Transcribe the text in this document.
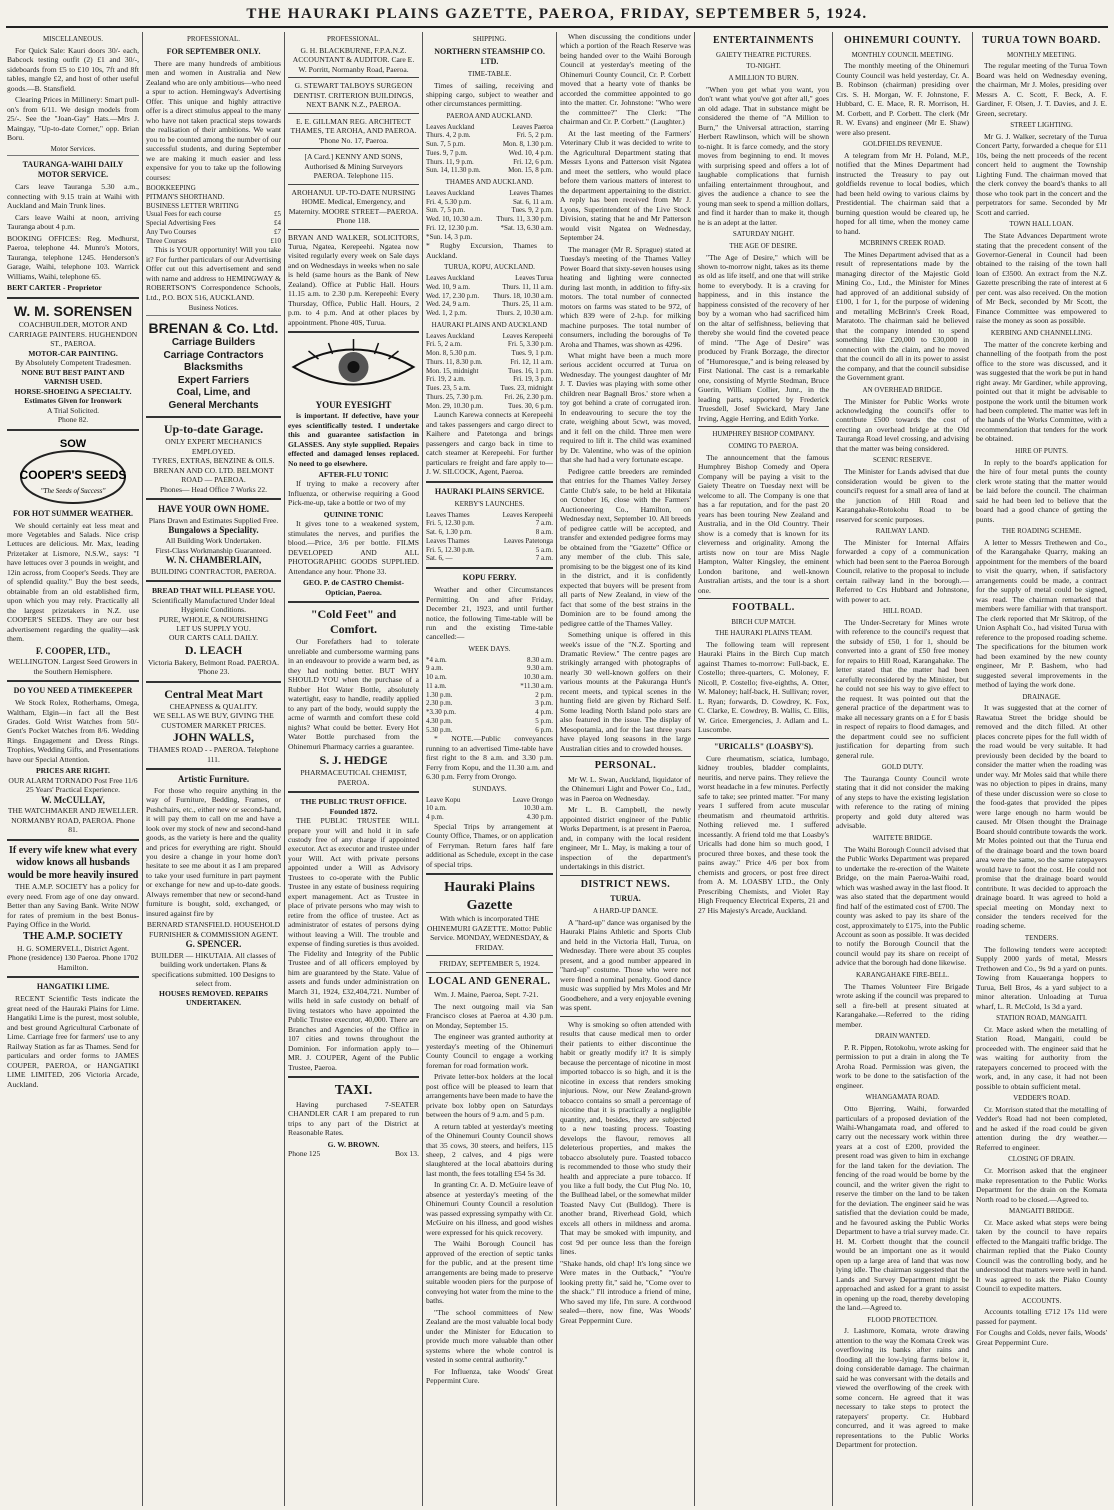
THE HAURAKI PLAINS GAZETTE, PAEROA, FRIDAY, SEPTEMBER 5, 1924.
MISCELLANEOUS.

For Quick Sale: Kauri doors 30/- each, Babcock testing outfit (2) £1 and 30/-, sideboards from £5 to £10 10s, 7ft and 8ft tables, mangle £2, and host of other useful goods.—B. Stansfield.

Clearing Prices in Millinery: Smart pull-on's from 6/11. We design models from 25/-. See the "Joan-Gay" Hats.—Mrs J. Maingay, "Up-to-date Corner," opp. Brian Boru.

Motor Services.
TAURANGA-WAIHI DAILY MOTOR SERVICE.

Cars leave Tauranga 5.30 a.m., connecting with 9.15 train at Waihi with Auckland and Main Trunk lines.

Cars leave Waihi at noon, arriving Tauranga about 4 p.m.

BOOKING OFFICES: Reg. Medhurst, Paeroa, telephone 44. Munro's Motors, Tauranga, telephone 1245. Henderson's Garage, Waihi, telephone 103. Warrick Williams, Waihi, telephone 65.

BERT CARTER - Proprietor

W. M. SORENSEN
COACHBUILDER, MOTOR AND CARRIAGE PAINTERS. HUGHENDON ST., PAEROA.
MOTOR-CAR PAINTING.
By Absolutely Competent Tradesmen.
NONE BUT BEST PAINT AND VARNISH USED.
HORSE-SHOEING A SPECIALTY.
Estimates Given for Ironwork
A Trial Solicited.
Phone 82.
SOW
COOPER'S SEEDS
"The Seeds of Success"
FOR HOT SUMMER WEATHER.

We should certainly eat less meat and more Vegetables and Salads. Nice crisp Lettuces are delicious. Mr. Max, leading Prizetaker at Lismore, N.S.W., says: "I have lettuces over 3 pounds in weight, and 12in across, from Cooper's Seeds. They are of splendid quality." Buy the best seeds, obtainable from an old established firm, upon which you may rely. Practically all the largest prizetakers in N.Z. use COOPER'S SEEDS. They are our best advertisement regarding the quality—ask them.

F. COOPER, LTD.,
WELLINGTON. Largest Seed Growers in the Southern Hemisphere.
DO YOU NEED A TIMEKEEPER

We Stock Rolex, Rotherhams, Omega, Waltham, Elgin—in fact all the Best Grades. Gold Wrist Watches from 50/- Gent's Pocket Watches from 8/6. Wedding Rings. Engagement and Dress Rings. Trophies, Wedding Gifts, and Presentations have our Special Attention.

PRICES ARE RIGHT.
OUR ALARM TORNADO Post Free 11/6
25 Years' Practical Experience.
W. McCULLAY,
THE WATCHMAKER AND JEWELLER. NORMANBY ROAD, PAEROA. Phone 81.
If every wife knew what every widow knows all husbands would be more heavily insured

THE A.M.P. SOCIETY has a policy for every need. From age of one day onward. Better than any Saving Bank. Write NOW for rates of premium in the best Bonus-Paying Office in the World.

THE A.M.P. SOCIETY
H. G. SOMERVELL, District Agent. Phone (residence) 130 Paeroa. Phone 1702 Hamilton.
HANGATIKI LIME.

RECENT Scientific Tests indicate the great need of the Hauraki Plains for Lime. Hangatiki Lime is the purest, most soluble, and best ground Agricultural Carbonate of Lime. Carriage free for farmers' use to any Railway Station as far as Thames. Send for particulars and order forms to JAMES COUPER, PAEROA, or HANGATIKI LIME LIMITED, 206 Victoria Arcade, Auckland.

PROFESSIONAL.
FOR SEPTEMBER ONLY.

There are many hundreds of ambitious men and women in Australia and New Zealand who are only ambitious—who need a spur to action. Hemingway's Advertising Offer. This unique and highly attractive offer is a direct stimulus appeal to the many who have not taken practical steps towards the realisation of their ambitions. We want you to be counted among the number of our successful students, and during September we are making it much easier and less expensive for you to take up the following courses:

BOOKKEEPING	
PITMAN'S SHORTHAND.	
BUSINESS LETTER WRITING	
Usual Fees for each course	£5
Special Advertising Fees	£4
Any Two Courses	£7
Three Courses	£10

This is YOUR opportunity! Will you take it? For further particulars of our Advertising Offer cut out this advertisement and send with name and address to HEMINGWAY & ROBERTSON'S Correspondence Schools, Ltd., P.O. BOX 516, AUCKLAND.

Business Notices.
BRENAN & Co. Ltd.
Carriage Builders
Carriage Contractors
Blacksmiths
Expert Farriers
Coal, Lime, and
General Merchants
Up-to-date Garage.
ONLY EXPERT MECHANICS EMPLOYED.
TYRES, EXTRAS, BENZINE & OILS.
BRENAN AND CO. LTD. BELMONT ROAD — PAEROA.
Phones— Head Office 7 Works 22.
HAVE YOUR OWN HOME.
Plans Drawn and Estimates Supplied Free.
Bungalows a Speciality.
All Building Work Undertaken.
First-Class Workmanship Guaranteed.
W. N. CHAMBERLAIN,
BUILDING CONTRACTOR, PAEROA.
BREAD THAT WILL PLEASE YOU.
Scientifically Manufactured Under Ideal Hygienic Conditions.
PURE, WHOLE, & NOURISHING
LET US SUPPLY YOU.
OUR CARTS CALL DAILY.
D. LEACH
Victoria Bakery, Belmont Road. PAEROA. 'Phone 23.
Central Meat Mart
CHEAPNESS & QUALITY.
WE SELL AS WE BUY, GIVING THE CUSTOMER MARKET PRICES.
JOHN WALLS,
THAMES ROAD - - PAEROA. Telephone 111.
Artistic Furniture.

For those who require anything in the way of Furniture, Bedding, Frames, or Pushchairs, etc., either new or second-hand, it will pay them to call on me and have a look over my stock of new and second-hand goods, as the variety is here and the quality and prices for everything are right. Should you desire a change in your home don't hesitate to see me about it as I am prepared to take your used furniture in part payment or exchange for new and up-to-date goods. Always remember that new or second-hand furniture is bought, sold, exchanged, or insured against fire by

BERNARD STANSFIELD. HOUSEHOLD FURNISHER & COMMISSION AGENT.
G. SPENCER.
BUILDER — HIKUTAIA. All classes of building work undertaken. Plans & specifications submitted. 100 Designs to select from.
HOUSES REMOVED. REPAIRS UNDERTAKEN.
PROFESSIONAL.
G. H. BLACKBURNE, F.P.A.N.Z. ACCOUNTANT & AUDITOR. Care E. W. Porritt, Normanby Road, Paeroa.
G. STEWART TALBOYS SURGEON DENTIST. CRITERION BUILDINGS, NEXT BANK N.Z., PAEROA.
E. E. GILLMAN REG. ARCHITECT THAMES, TE AROHA, AND PAEROA. 'Phone No. 17, Paeroa.
[A Card.] KENNY AND SONS, Authorised & Mining Surveyors PAEROA. Telephone 115.
AROHANUI. UP-TO-DATE NURSING HOME. Medical, Emergency, and Maternity. MOORE STREET—PAEROA. Phone 118.

BRYAN AND WALKER, SOLICITORS, Turua, Ngatea, Kerepeehi. Ngatea now visited regularly every week on Sale days and on Wednesdays in weeks when no sale is held (same hours as the Bank of New Zealand). Office at Public Hall. Hours 11.15 a.m. to 2.30 p.m. Kerepeehi: Every Thursday, Office, Public Hall. Hours, 2 p.m. to 4 p.m. And at other places by appointment. Phone 40S, Turua.

YOUR EYESIGHT

is important. If defective, have your eyes scientifically tested. I undertake this and guarantee satisfaction in GLASSES. Any style supplied. Repairs effected and damaged lenses replaced. No need to go elsewhere.

AFTER-FLU TONIC

If trying to make a recovery after Influenza, or otherwise requiring a Good Pick-me-up, take a bottle or two of my

QUININE TONIC

It gives tone to a weakened system, stimulates the nerves, and purifies the blood.—Price, 3/6 per bottle. FILMS DEVELOPED AND ALL PHOTOGRAPHIC GOODS SUPPLIED. Attendance any hour. 'Phone 33.

GEO. P. de CASTRO Chemist-Optician, Paeroa.
"Cold Feet" and Comfort.

Our Forefathers had to tolerate unreliable and cumbersome warming pans in an endeavour to provide a warm bed, as they had nothing better. BUT WHY SHOULD YOU when the purchase of a Rubber Hot Water Bottle, absolutely watertight, easy to handle, readily applied to any part of the body, would supply the acme of warmth and comfort these cold nights? What could be better. Every Hot Water Bottle purchased from the Ohinemuri Pharmacy carries a guarantee.

S. J. HEDGE
PHARMACEUTICAL CHEMIST, PAEROA.
THE PUBLIC TRUST OFFICE. Founded 1872.

THE PUBLIC TRUSTEE WILL prepare your will and hold it in safe custody free of any charge if appointed executor. Act as executor and trustee under your Will. Act with private persons appointed under a Will as Advisory Trustees to co-operate with the Public Trustee in any estate of business requiring expert management. Act as Trustee in place of private persons who may wish to retire from the office of trustee. Act as administrator of estates of persons dying without leaving a Will. The trouble and expense of finding sureties is thus avoided. The Fidelity and Integrity of the Public Trustee and of all officers employed by him are guaranteed by the State. Value of assets and funds under administration on March 31, 1924, £32,404,721. Number of wills held in safe custody on behalf of living testators who have appointed the Public Trustee executor, 40,000. There are Branches and Agencies of the Office in 107 cities and towns throughout the Dominion. For information apply to— MR. J. COUPER, Agent of the Public Trustee, Paeroa.

TAXI.

Having purchased 7-SEATER CHANDLER CAR I am prepared to run trips to any part of the District at Reasonable Rates.

G. W. BROWN.
Phone 125	Box 13.
SHIPPING.
NORTHERN STEAMSHIP CO. LTD.
TIME-TABLE.

Times of sailing, receiving and shipping cargo, subject to weather and other circumstances permitting.

PAEROA AND AUCKLAND.
Leaves Auckland	Leaves Paeroa
Thurs. 4, 2 p.m.	Fri. 5, 2 p.m.
Sun. 7, 5 p.m.	Mon. 8, 1.30 p.m.
Tues. 9, 7 p.m.	Wed. 10, 4 p.m.
Thurs. 11, 9 p.m.	Fri. 12, 6 p.m.
Sun. 14, 11.30 p.m.	Mon. 15, 8 p.m.
THAMES AND AUCKLAND.
Leaves Auckland	Leaves Thames
Fri. 4, 5.30 p.m.	Sat. 6, 11 a.m.
Sun. 7, 5 p.m.	Tues. 9, 2 p.m.
Wed. 10, 10.30 a.m.	Thurs. 11, 3.30 p.m.
Fri. 12, 12.30 p.m.	*Sat. 13, 6.30 a.m.
*Sun. 14, 3 p.m.	

* Rugby Excursion, Thames to Auckland.

TURUA, KOPU, AUCKLAND.
Leaves Auckland	Leaves Turua
Wed. 10, 9 a.m.	Thurs. 11, 11 a.m.
Wed. 17, 2.30 p.m.	Thurs. 18, 10.30 a.m.
Wed. 24, 9 a.m.	Thurs. 25, 11 a.m.
Wed. 1, 2 p.m.	Thurs. 2, 10.30 a.m.
HAURAKI PLAINS AND AUCKLAND
Leaves Auckland	Leaves Kerepeehi
Fri. 5, 2 a.m.	Fri. 5, 3.30 p.m.
Mon. 8, 5.30 p.m.	Tues. 9, 1 p.m.
Thurs. 11, 8.30 p.m.	Fri. 12, 11 a.m.
Mon. 15, midnight	Tues. 16, 1 p.m.
Fri. 19, 2 a.m.	Fri. 19, 3 p.m.
Tues. 23, 5 a.m.	Tues. 23, midnight
Thurs. 25, 7.30 p.m.	Fri. 26, 2.30 p.m.
Mon. 29, 10.30 p.m.	Tues. 30, 6 p.m.

Launch Karewa connects at Kerepeehi and takes passengers and cargo direct to Kaihere and Patetonga and brings passengers and cargo back in time to catch steamer at Kerepeehi. For further particulars re freight and fare apply to— J. W. SILCOCK, Agent, Paeroa.

HAURAKI PLAINS SERVICE.
KERBY'S LAUNCHES.
Leaves Thames	Leaves Kerepeehi
Fri. 5, 12.30 p.m.	7 a.m.
Sat. 6, 1.30 p.m.	8 a.m.
Leaves Thames	Leaves Patetonga
Fri. 5, 12.30 p.m.	5 a.m.
Sat. 6, —	7 a.m.
KOPU FERRY.

Weather and other Circumstances Permitting. On and after Friday, December 21, 1923, and until further notice, the following Time-table will be run and the existing Time-table cancelled:—

WEEK DAYS.
*4 a.m.	8.30 a.m.
9 a.m.	9.30 a.m.
10 a.m.	10.30 a.m.
11 a.m.	*11.30 a.m.
1.30 p.m.	2 p.m.
2.30 p.m.	3 p.m.
*3.30 p.m.	4 p.m.
4.30 p.m.	5 p.m.
5.30 p.m.	6 p.m.

* NOTE.—Public conveyances running to an advertised Time-table have first right to the 8 a.m. and 3.30 p.m. Ferry from Kopu, and the 11.30 a.m. and 6.30 p.m. Ferry from Orongo.

SUNDAYS.
Leave Kopu	Leave Orongo
10 a.m.	10.30 a.m.
4 p.m.	4.30 p.m.

Special Trips by arrangement at County Office, Thames, or on application of Ferryman. Return fares half fare additional as Schedule, except in the case of special trips.

Hauraki Plains Gazette
With which is incorporated THE OHINEMURI GAZETTE. Motto: Public Service. MONDAY, WEDNESDAY, & FRIDAY.
FRIDAY, SEPTEMBER 5, 1924.
LOCAL AND GENERAL.

Wm. J. Maine, Paeroa, Sept. 7-21.

The next outgoing mail via San Francisco closes at Paeroa at 4.30 p.m. on Monday, September 15.

The engineer was granted authority at yesterday's meeting of the Ohinemuri County Council to engage a working foreman for road formation work.

Private letter-box holders at the local post office will be pleased to learn that arrangements have been made to have the private box lobby open on Saturdays between the hours of 9 a.m. and 5 p.m.

A return tabled at yesterday's meeting of the Ohinemuri County Council shows that 35 cows, 30 steers, and heifers, 115 sheep, 2 calves, and 4 pigs were slaughtered at the local abattoirs during last month, the fees totalling £54 5s 3d.

In granting Cr. A. D. McGuire leave of absence at yesterday's meeting of the Ohinemuri County Council a resolution was passed expressing sympathy with Cr. McGuire on his illness, and good wishes were expressed for his quick recovery.

The Waihi Borough Council has approved of the erection of septic tanks for the public, and at the present time arrangements are being made to preserve suitable wooden piers for the purpose of conveying hot water from the mine to the baths.

"The school committees of New Zealand are the most valuable local body under the Minister for Education to provide much more valuable than other systems where the whole control is vested in some central authority."

For Influenza, take Woods' Great Peppermint Cure.

When discussing the conditions under which a portion of the Reach Reserve was being handed over to the Waihi Borough Council at yesterday's meeting of the Ohinemuri County Council, Cr. P. Corbett moved that a hearty vote of thanks be accorded the committee appointed to go into the matter. Cr. Johnstone: "Who were the committee?" The Clerk: "The chairman and Cr. P. Corbett." (Laughter.)

At the last meeting of the Farmers' Veterinary Club it was decided to write to the Agricultural Department stating that Messrs Lyons and Patterson visit Ngatea and meet the settlers, who would place before them various matters of interest to the department appertaining to the district. A reply has been received from Mr J. Lyons, Superintendent of the Live Stock Division, stating that he and Mr Patterson would visit Ngatea on Wednesday, September 24.

The manager (Mr R. Sprague) stated at Tuesday's meeting of the Thames Valley Power Board that sixty-seven houses using heating and lighting were connected during last month, in addition to fifty-six motors. The total number of connected motors on farms was stated to be 972, of which 839 were of 2-h.p. for milking machine purposes. The total number of consumers, including the boroughs of Te Aroha and Thames, was shown as 4296.

What might have been a much more serious accident occurred at Turua on Wednesday. The youngest daughter of Mr J. T. Davies was playing with some other children near Bagnall Bros.' store when a toy got behind a crate of corrugated iron. In endeavouring to secure the toy the crate, weighing about 5cwt, was moved, and it fell on the child. Three men were required to lift it. The child was examined by Dr. Valentine, who was of the opinion that she had had a very fortunate escape.

Pedigree cattle breeders are reminded that entries for the Thames Valley Jersey Cattle Club's sale, to be held at Hikutaia on October 16, close with the Farmers' Auctioneering Co., Hamilton, on Wednesday next, September 10. All breeds of pedigree cattle will be accepted, and transfer and extended pedigree forms may be obtained from the "Gazette" Office or any member of the club. This sale, promising to be the biggest one of its kind in the district, and it is confidently expected that buyers will be present from all parts of New Zealand, in view of the fact that some of the best strains in the Dominion are to be found among the pedigree cattle of the Thames Valley.

Something unique is offered in this week's issue of the "N.Z. Sporting and Dramatic Review." The centre pages are strikingly arranged with photographs of nearly 30 well-known golfers on their various mounts at the Pakuranga Hunt's recent meets, and typical scenes in the hunting field are given by Richard Self. Some leading North Island polo stars are also featured in the issue. The display of Mesopotamia, and for the last three years have played long seasons in the large Australian cities and to crowded houses.

PERSONAL.

Mr W. L. Swan, Auckland, liquidator of the Ohinemuri Light and Power Co., Ltd., was in Paeroa on Wednesday.

Mr L. B. Campbell, the newly appointed district engineer of the Public Works Department, is at present in Paeroa, and, in company with the local resident engineer, Mr L. May, is making a tour of inspection of the department's undertakings in this district.

DISTRICT NEWS.
TURUA.
A HARD-UP DANCE.

A "hard-up" dance was organised by the Hauraki Plains Athletic and Sports Club and held in the Victoria Hall, Turua, on Wednesday. There were about 35 couples present, and a good number appeared in "hard-up" costume. Those who were not were fined a nominal penalty. Good dance music was supplied by Mrs Moles and Mr Goodbehere, and a very enjoyable evening was spent.

Why is smoking so often attended with results that cause medical men to order their patients to either discontinue the habit or greatly modify it? It is simply because the percentage of nicotine in most imported tobacco is so high, and it is the nicotine in excess that renders smoking injurious. Now, our New Zealand-grown tobacco contains so small a percentage of nicotine that it is practically a negligible quantity, and, besides, they are subjected to a new toasting process. Toasting develops the flavour, removes all deleterious properties, and makes the tobacco absolutely pure. Toasted tobacco is recommended to those who study their health and appreciate a pure tobacco. If you like a full body, the Cut Plug No. 10, the Bullhead label, or the somewhat milder Toasted Navy Cut (Bulldog). There is another brand, Riverhead Gold, which excels all others in mildness and aroma. That may be smoked with impunity, and cost 9d per ounce less than the foreign lines.

"Shake hands, old chap! It's long since we Were mates in the Outback," "You're looking pretty fit," said he, "Come over to the shack." I'll introduce a friend of mine, Who saved my life, I'm sure. A cordwood sealed—there, now fine, Was Woods' Great Peppermint Cure.

ENTERTAINMENTS
GAIETY THEATRE PICTURES.
TO-NIGHT.
A MILLION TO BURN.

"When you get what you want, you don't want what you've got after all," goes an old adage. That in substance might be considered the theme of "A Million to Burn," the Universal attraction, starring Herbert Rawlinson, which will be shown to-night. It is farce comedy, and the story moves from beginning to end. It moves with surprising speed and offers a lot of laughable complications that furnish unfailing entertainment throughout, and gives the audience a chance to see the young man seek to spend a million dollars, and find it harder than to make it, though he is an adept at the latter.

SATURDAY NIGHT.
THE AGE OF DESIRE.

"The Age of Desire," which will be shown to-morrow night, takes as its theme as old as life itself, and one that will strike home to everybody. It is a craving for happiness, and in this instance the happiness consisted of the recovery of her boy by a woman who had sacrificed him on the altar of selfishness, believing that thereby she would find the coveted peace of mind. "The Age of Desire" was produced by Frank Borzage, the director of "Humoresque," and is being released by First National. The cast is a remarkable one, consisting of Myrtle Stedman, Bruce Guerin, William Collier, Junr., in the leading parts, supported by Frederick Truesdell, Josef Swickard, Mary Jane Irving, Aggie Herring, and Edith Yorke.

HUMPHREY BISHOP COMPANY.
COMING TO PAEROA.

The announcement that the famous Humphrey Bishop Comedy and Opera Company will be paying a visit to the Gaiety Theatre on Tuesday next will be welcome to all. The Company is one that has a far reputation, and for the past 20 years has been touring New Zealand and Australia, and in the Old Country. Their show is a comedy that is known for its cleverness and originality. Among the artists now on tour are Miss Nagle Hampton, Walter Kingsley, the eminent London baritone, and well-known Australian artists, and the tour is a short one.

FOOTBALL.
BIRCH CUP MATCH.
THE HAURAKI PLAINS TEAM.

The following team will represent Hauraki Plains in the Birch Cup match against Thames to-morrow: Full-back, E. Costello; three-quarters, C. Moloney, F. Nicoll, P. Costello; five-eighths, A. Otter, W. Maloney; half-back, H. Sullivan; rover, L. Ryan; forwards, D. Cowdrey, K. Fox, C. Clarke, E. Cowdrey, B. Wallis, C. Ellis, W. Grice. Emergencies, J. Adlam and L. Luscombe.

"URICALLS" (LOASBY'S).

Cure rheumatism, sciatica, lumbago, kidney troubles, bladder complaints, neuritis, and nerve pains. They relieve the worst headache in a few minutes. Perfectly safe to take; see printed matter. "For many years I suffered from acute muscular rheumatism and rheumatoid arthritis. Nothing relieved me. I suffered incessantly. A friend told me that Loasby's Uricalls had done him so much good, I procured three boxes, and these took the pains away." Price 4/6 per box from chemists and grocers, or post free direct from A. M. LOASBY LTD., the Only Prescribing Chemists, and Violet Ray High Frequency Electrical Experts, 21 and 27 His Majesty's Arcade, Auckland.

OHINEMURI COUNTY.
MONTHLY COUNCIL MEETING.

The monthly meeting of the Ohinemuri County Council was held yesterday, Cr. A. B. Robinson (chairman) presiding over Crs. S. H. Morgan, W. F. Johnstone, F. Hubbard, C. E. Mace, R. R. Morrison, H. M. Corbett, and P. Corbett. The clerk (Mr R. W. Evans) and engineer (Mr E. Shaw) were also present.

GOLDFIELDS REVENUE.

A telegram from Mr H. Poland, M.P., notified that the Mines Department had instructed the Treasury to pay out goldfields revenue to local bodies, which had been held owing to various claims by Prestidential. The chairman said that a burning question would be cleared up, he hoped for all time, when the money came to hand.

MCBRINN'S CREEK ROAD.

The Mines Department advised that as a result of representations made by the managing director of the Majestic Gold Mining Co., Ltd., the Minister for Mines had approved of an additional subsidy of £100, 1 for 1, for the purpose of widening and metalling McBrinn's Creek Road, Maratoto. The chairman said he believed that the company intended to spend something like £20,000 to £30,000 in connection with the claim, and he moved that the council do all in its power to assist the company, and that the council subsidise the Government grant.

AN OVERHEAD BRIDGE.

The Minister for Public Works wrote acknowledging the council's offer to contribute £500 towards the cost of erecting an overhead bridge at the Old Tauranga Road level crossing, and advising that the matter was being considered.

SCENIC RESERVE.

The Minister for Lands advised that due consideration would be given to the council's request for a small area of land at the junction of Hill Road and Karangahake-Rotokohu Road to be reserved for scenic purposes.

RAILWAY LAND.

The Minister for Internal Affairs forwarded a copy of a communication which had been sent to the Paeroa Borough Council, relative to the proposal to include certain railway land in the borough.—Referred to Crs Hubbard and Johnstone, with power to act.

HILL ROAD.

The Under-Secretary for Mines wrote with reference to the council's request that the subsidy of £50, 1 for 1, should be converted into a grant of £50 free money for repairs to Hill Road, Karangahake. The letter stated that the matter had been carefully reconsidered by the Minister, but he could not see his way to give effect to the request. It was pointed out that the general practice of the department was to make all necessary grants on a £ for £ basis in respect of repairs to flood damages, and the department could see no sufficient justification for departing from such general rule.

GOLD DUTY.

The Tauranga County Council wrote stating that it did not consider the making of any steps to have the existing legislation with reference to the rating of mining property and gold duty altered was advisable.

WAITETE BRIDGE.

The Waihi Borough Council advised that the Public Works Department was prepared to undertake the re-erection of the Waitete Bridge, on the main Paeroa-Waihi road, which was washed away in the last flood. It was also stated that the department would find half of the estimated cost of £700. The county was asked to pay its share of the cost, approximately to £175, into the Public Account as soon as possible. It was decided to notify the Borough Council that the council would pay its share on receipt of advice that the borough had done likewise.

KARANGAHAKE FIRE-BELL.

The Thames Volunteer Fire Brigade wrote asking if the council was prepared to sell a fire-bell at present situated at Karangahake.—Referred to the riding member.

DRAIN WANTED.

P. R. Pippen, Rotokohu, wrote asking for permission to put a drain in along the Te Aroha Road. Permission was given, the work to be done to the satisfaction of the engineer.

WHANGAMATA ROAD.

Otto Bjerring, Waihi, forwarded particulars of a proposed deviation of the Waihi-Whangamata road, and offered to carry out the necessary work within three years at a cost of £200, provided the present road was given to him in exchange for the land taken for the deviation. The fencing of the road would be borne by the council, and the writer given the right to reserve the timber on the land to be taken for the deviation. The engineer said he was satisfied that the deviation could be made, and he favoured asking the Public Works Department to have a trial survey made. Cr. H. M. Corbett thought that the council would be an important one as it would open up a large area of land that was now lying idle. The chairman suggested that the Lands and Survey Department might be approached and asked for a grant to assist in opening up the road, thereby developing the land.—Agreed to.

FLOOD PROTECTION.

J. Lashmore, Komata, wrote drawing attention to the way the Komata Creek was overflowing its banks after rains and flooding all the low-lying farms below it, doing considerable damage. The chairman said he was conversant with the details and viewed the overflowing of the creek with some concern. He agreed that it was necessary to take steps to protect the ratepayers' property. Cr. Hubbard concurred, and it was agreed to make representations to the Public Works Department for protection.

TURUA TOWN BOARD.
MONTHLY MEETING.

The regular meeting of the Turua Town Board was held on Wednesday evening, the chairman, Mr J. Moles, presiding over Messrs A. C. Scott, F. Beck, A. F. Gardiner, F. Olsen, J. T. Davies, and J. E. Green, secretary.

STREET LIGHTING.

Mr G. J. Walker, secretary of the Turua Concert Party, forwarded a cheque for £11 10s, being the nett proceeds of the recent concert held to augment the Township Lighting Fund. The chairman moved that the clerk convey the board's thanks to all those who took part in the concert and the perpetrators for same. Seconded by Mr Scott and carried.

TOWN HALL LOAN.

The State Advances Department wrote stating that the precedent consent of the Governor-General in Council had been obtained to the raising of the town hall loan of £3500. An extract from the N.Z. Gazette prescribing the rate of interest at 6 per cent. was also received. On the motion of Mr Beck, seconded by Mr Scott, the Finance Committee was empowered to raise the money as soon as possible.

KERBING AND CHANNELLING.

The matter of the concrete kerbing and channelling of the footpath from the post office to the store was discussed, and it was suggested that the work be put in hand right away. Mr Gardiner, while approving, pointed out that it might be advisable to postpone the work until the bitumen work had been completed. The matter was left in the hands of the Works Committee, with a recommendation that tenders for the work be obtained.

HIRE OF PUNTS.

In reply to the board's application for the hire of four metal punts the county clerk wrote stating that the matter would be laid before the council. The chairman said he had been led to believe that the board had a good chance of getting the punts.

THE ROADING SCHEME.

A letter to Messrs Trethewen and Co., of the Karangahake Quarry, making an appointment for the members of the board to visit the quarry, when, if satisfactory arrangements could be made, a contract for the supply of metal could be signed, was read. The chairman remarked that members were familiar with that transport. The clerk reported that Mr Skitrop, of the Union Asphalt Co., had visited Turua with reference to the proposed roading scheme. The specifications for the bitumen work had been examined by the new county engineer, Mr P. Bashem, who had suggested several improvements in the method of laying the work done.

DRAINAGE.

It was suggested that at the corner of Rawatua Street the bridge should be removed and the ditch filled. At other places concrete pipes for the full width of the road would be very suitable. It had previously been decided by the board to consider the matter when the roading was under way. Mr Moles said that while there was no objection to pipes in drains, many of these under discussion were so close to the food-gates that provided the pipes were large enough no harm would be caused. Mr Olsen thought the Drainage Board should contribute towards the work. Mr Moles pointed out that the Turua end of the drainage board and the town board area were the same, so the same ratepayers would have to foot the cost. He could not promise that the drainage board would contribute. It was decided to approach the drainage board. It was agreed to hold a special meeting on Monday next to consider the tenders received for the roading scheme.

TENDERS.

The following tenders were accepted: Supply 2000 yards of metal, Messrs Trethowen and Co., 9s 9d a yard on punts. Towing from Kauaeranga hoppers to Turua, Bell Bros, 4s a yard subject to a minor alteration. Unloading at Turua wharf, L. R. McCold, 1s 3d a yard.

STATION ROAD, MANGAITI.

Cr. Mace asked when the metalling of Station Road, Mangaiti, could be proceeded with. The engineer said that he was waiting for authority from the ratepayers concerned to proceed with the work, and, in any case, it had not been possible to obtain sufficient metal.

VEDDER'S ROAD.

Cr. Morrison stated that the metalling of Vedder's Road had not been completed, and he asked if the road could be given attention during the dry weather.—Referred to engineer.

CLOSING OF DRAIN.

Cr. Morrison asked that the engineer make representation to the Public Works Department for the drain on the Komata North road to be closed.—Agreed to.

MANGAITI BRIDGE.

Cr. Mace asked what steps were being taken by the council to have repairs effected to the Mangaiti traffic bridge. The chairman replied that the Piako County Council was the controlling body, and he understood that matters were well in hand. It was agreed to ask the Piako County Council to expedite matters.

ACCOUNTS.

Accounts totalling £712 17s 11d were passed for payment.

For Coughs and Colds, never fails, Woods' Great Peppermint Cure.
